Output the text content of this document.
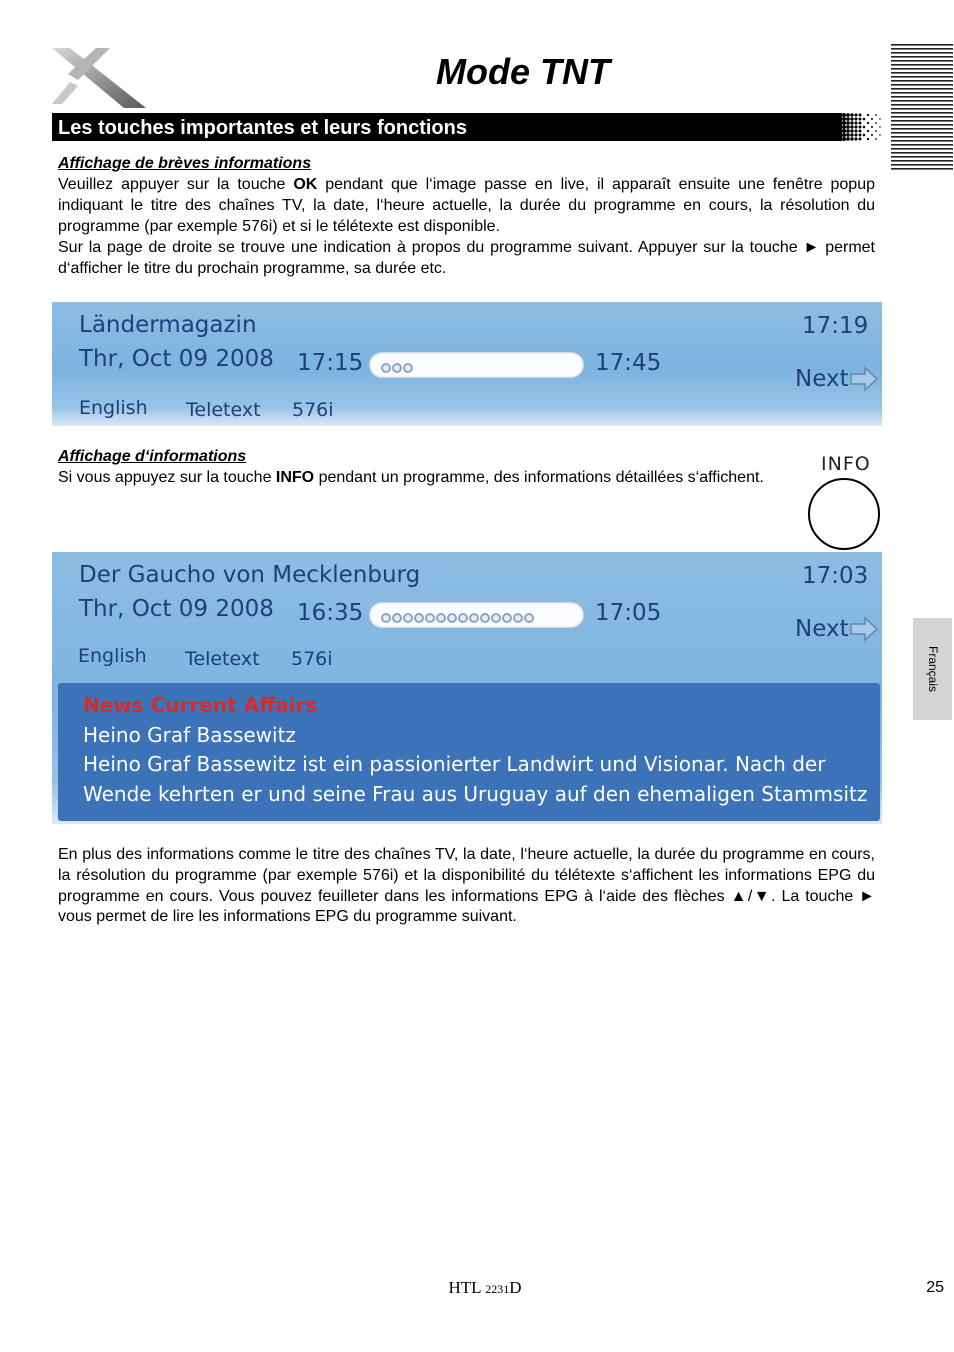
Mode TNT
Les touches importantes et leurs fonctions
Affichage de brèves informations
Veuillez appuyer sur la touche OK pendant que l‘image passe en live, il apparaît ensuite une fenêtre popup indiquant le titre des chaînes TV, la date, l‘heure actuelle, la durée du programme en cours, la résolution du programme (par exemple 576i) et si le télétexte est disponible.
Sur la page de droite se trouve une indication à propos du programme suivant. Appuyer sur la touche ► permet d‘afficher le titre du prochain programme, sa durée etc.
Ländermagazin
Thr, Oct 09 2008 17:15	17:45
17:19
Next
English Teletext 576i
Affichage d‘informations
Si vous appuyez sur la touche INFO pendant un programme, des informations détaillées s‘affichent.
INFO
Der Gaucho von Mecklenburg
Thr, Oct 09 2008 16:35	17:05
17:03
Next
English Teletext 576i
News Current Affairs
Heino Graf Bassewitz
Heino Graf Bassewitz ist ein passionierter Landwirt und Visionar. Nach der
Wende kehrten er und seine Frau aus Uruguay auf den ehemaligen Stammsitz
En plus des informations comme le titre des chaînes TV, la date, l‘heure actuelle, la durée du programme en cours, la résolution du programme (par exemple 576i) et la disponibilité du télétexte s‘affichent les informations EPG du programme en cours. Vous pouvez feuilleter dans les informations EPG à l‘aide des flèches ▲/▼. La touche ► vous permet de lire les informations EPG du programme suivant.
Français
HTL 2231D	25
